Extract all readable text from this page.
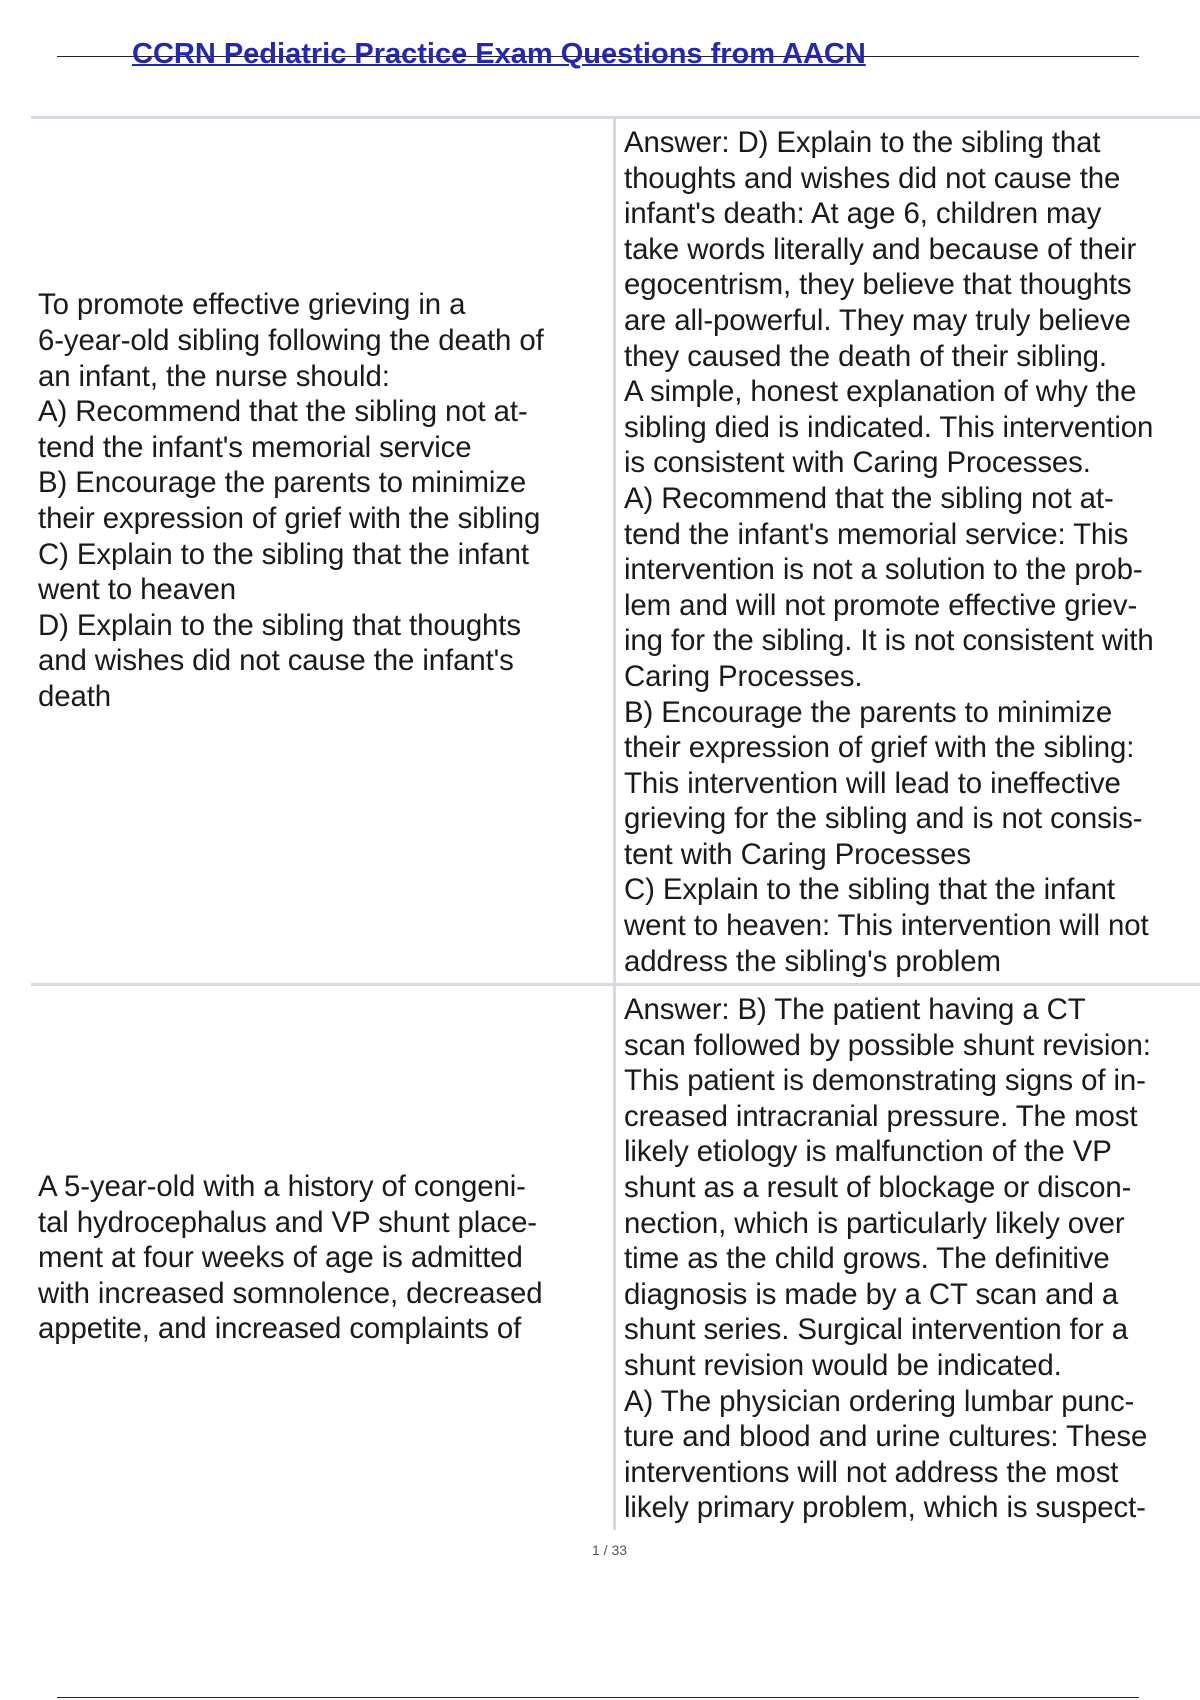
CCRN Pediatric Practice Exam Questions from AACN

To promote effective grieving in a
6-year-old sibling following the death of
an infant, the nurse should:
A) Recommend that the sibling not at-
tend the infant's memorial service
B) Encourage the parents to minimize
their expression of grief with the sibling
C) Explain to the sibling that the infant
went to heaven
D) Explain to the sibling that thoughts
and wishes did not cause the infant's
death

Answer: D) Explain to the sibling that
thoughts and wishes did not cause the
infant's death: At age 6, children may
take words literally and because of their
egocentrism, they believe that thoughts
are all-powerful. They may truly believe
they caused the death of their sibling.
A simple, honest explanation of why the
sibling died is indicated. This intervention
is consistent with Caring Processes.
A) Recommend that the sibling not at-
tend the infant's memorial service: This
intervention is not a solution to the prob-
lem and will not promote effective griev-
ing for the sibling. It is not consistent with
Caring Processes.
B) Encourage the parents to minimize
their expression of grief with the sibling:
This intervention will lead to ineffective
grieving for the sibling and is not consis-
tent with Caring Processes
C) Explain to the sibling that the infant
went to heaven: This intervention will not
address the sibling's problem

A 5-year-old with a history of congeni-
tal hydrocephalus and VP shunt place-
ment at four weeks of age is admitted
with increased somnolence, decreased
appetite, and increased complaints of

Answer: B) The patient having a CT
scan followed by possible shunt revision:
This patient is demonstrating signs of in-
creased intracranial pressure. The most
likely etiology is malfunction of the VP
shunt as a result of blockage or discon-
nection, which is particularly likely over
time as the child grows. The definitive
diagnosis is made by a CT scan and a
shunt series. Surgical intervention for a
shunt revision would be indicated.
A) The physician ordering lumbar punc-
ture and blood and urine cultures: These
interventions will not address the most
likely primary problem, which is suspect-

1 / 33
